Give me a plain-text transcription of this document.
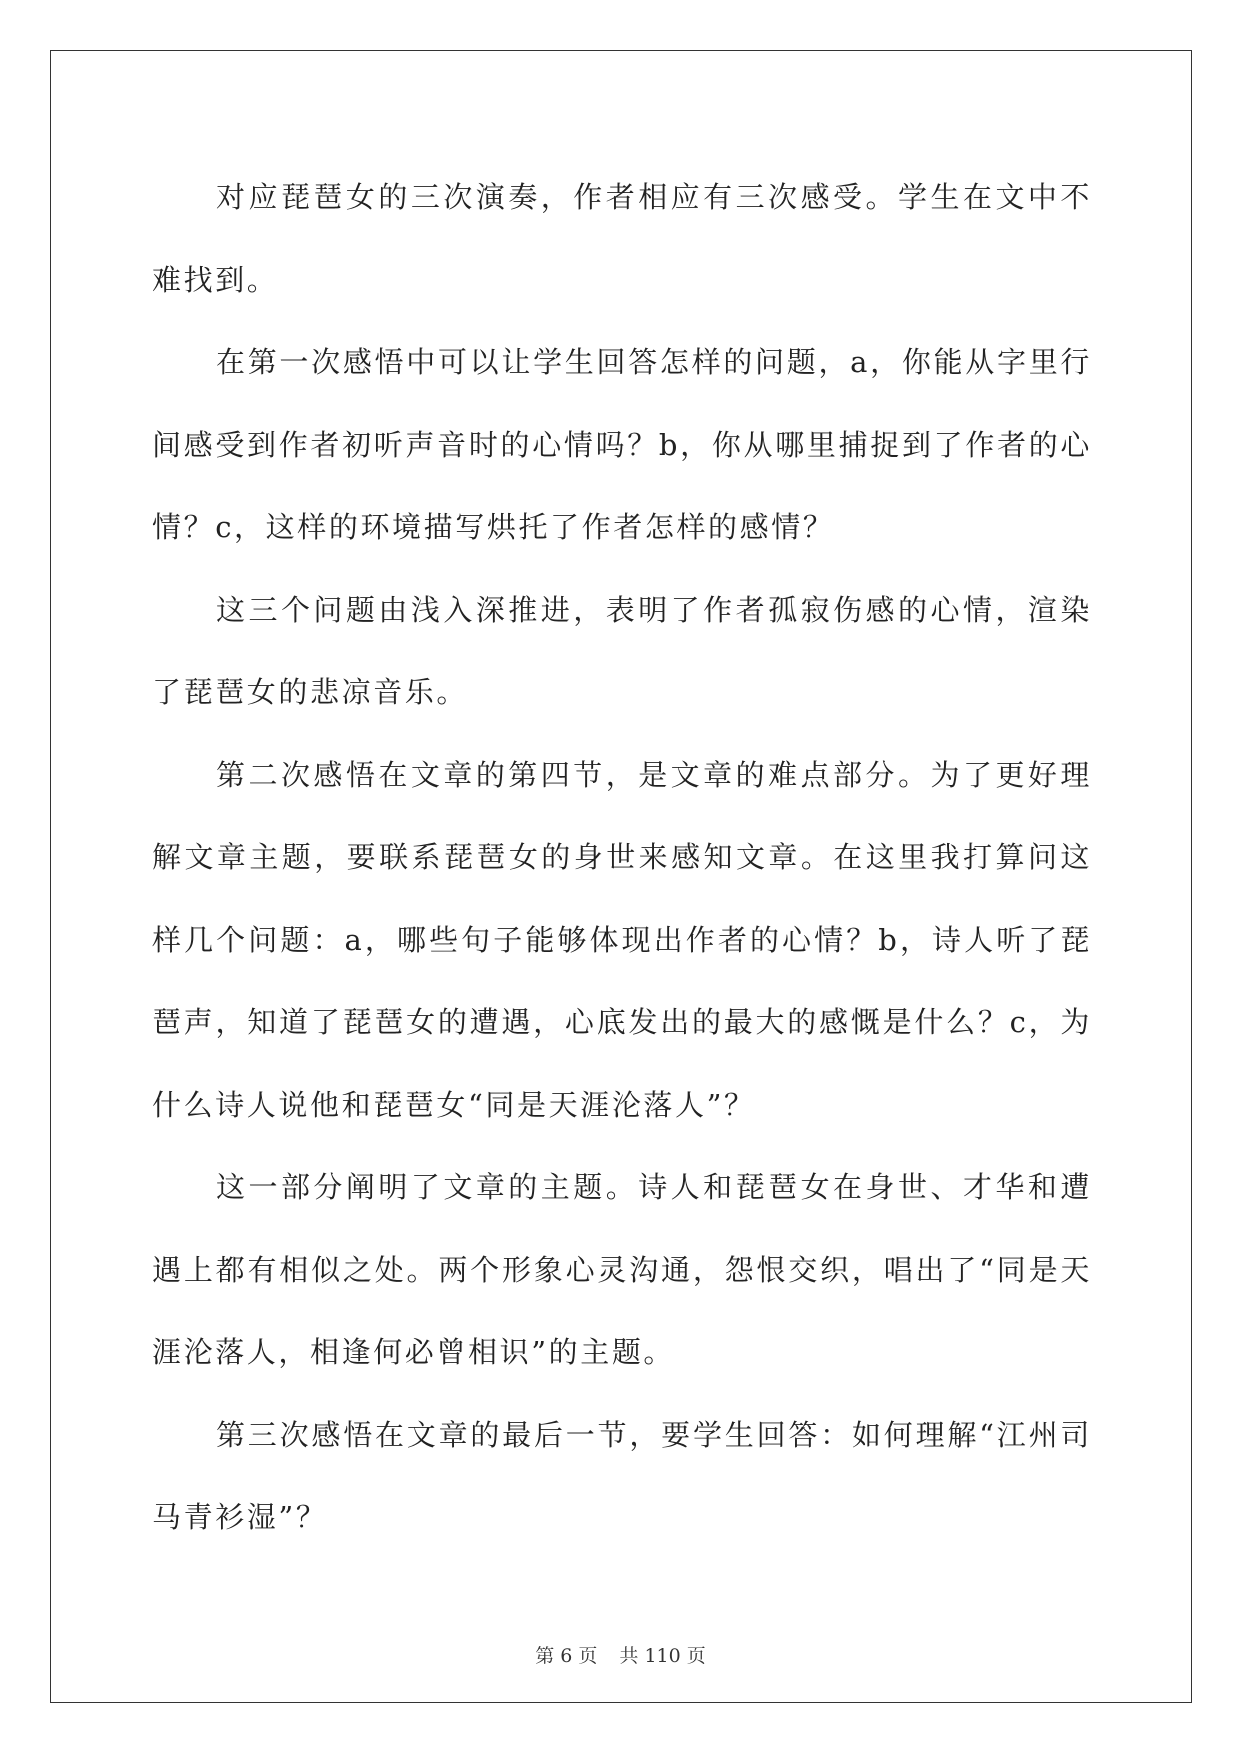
对应琵琶女的三次演奏，作者相应有三次感受。学生在文中不难找到。

在第一次感悟中可以让学生回答怎样的问题，a，你能从字里行间感受到作者初听声音时的心情吗？b，你从哪里捕捉到了作者的心情？c，这样的环境描写烘托了作者怎样的感情？

这三个问题由浅入深推进，表明了作者孤寂伤感的心情，渲染了琵琶女的悲凉音乐。

第二次感悟在文章的第四节，是文章的难点部分。为了更好理解文章主题，要联系琵琶女的身世来感知文章。在这里我打算问这样几个问题：a，哪些句子能够体现出作者的心情？b，诗人听了琵琶声，知道了琵琶女的遭遇，心底发出的最大的感慨是什么？c，为什么诗人说他和琵琶女“同是天涯沦落人”？

这一部分阐明了文章的主题。诗人和琵琶女在身世、才华和遭遇上都有相似之处。两个形象心灵沟通，怨恨交织，唱出了“同是天涯沦落人，相逢何必曾相识”的主题。

第三次感悟在文章的最后一节，要学生回答：如何理解“江州司马青衫湿”？

第 6 页 共 110 页
